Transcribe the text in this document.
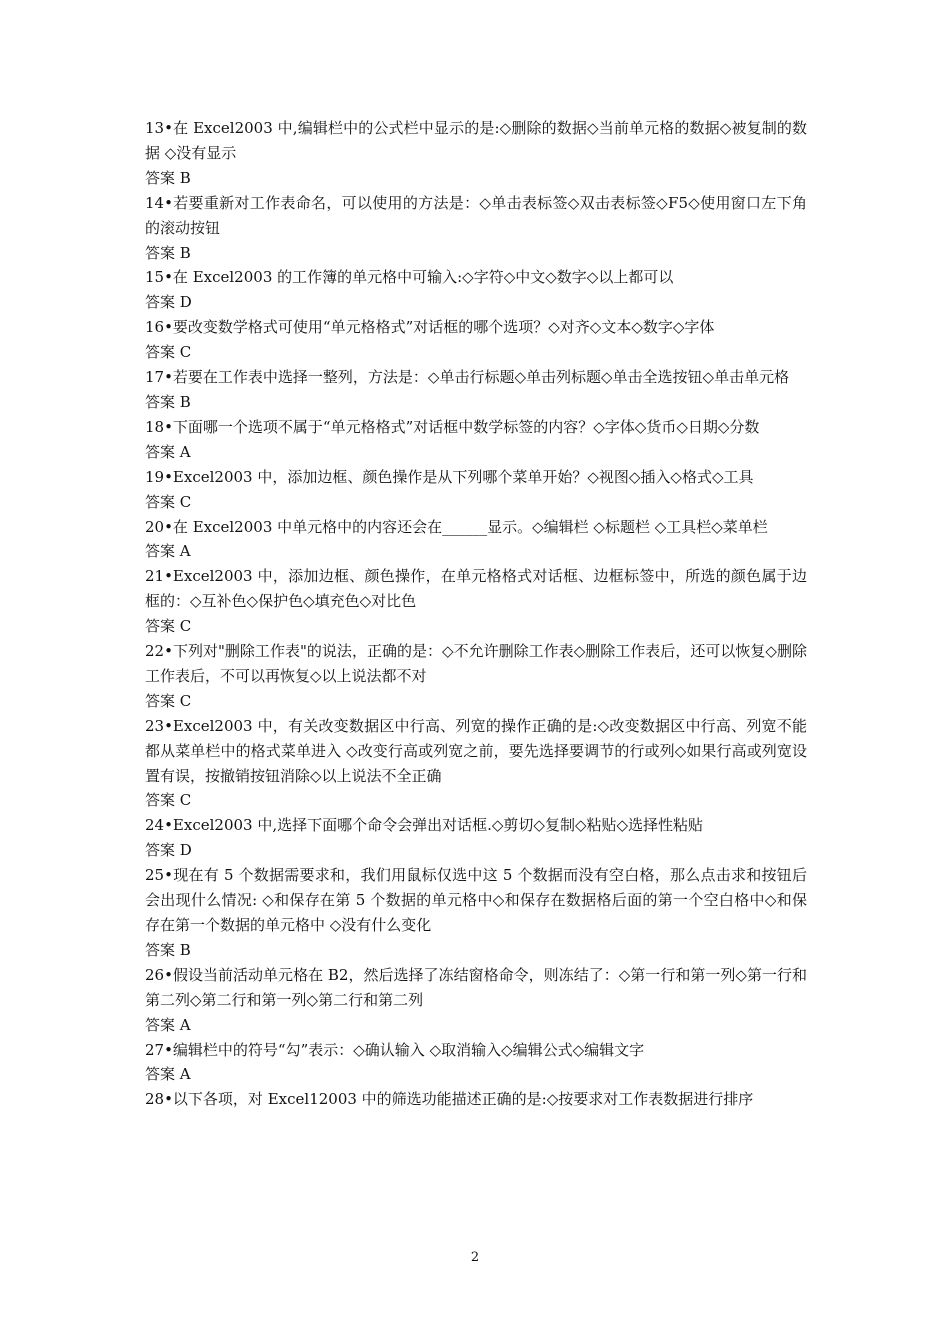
13•在 Excel2003 中,编辑栏中的公式栏中显示的是:◇删除的数据◇当前单元格的数据◇被复制的数据 ◇没有显示

答案 B

14•若要重新对工作表命名，可以使用的方法是：◇单击表标签◇双击表标签◇F5◇使用窗口左下角的滚动按钮

答案 B

15•在 Excel2003 的工作簿的单元格中可输入:◇字符◇中文◇数字◇以上都可以

答案 D

16•要改变数学格式可使用“单元格格式”对话框的哪个选项？◇对齐◇文本◇数字◇字体

答案 C

17•若要在工作表中选择一整列，方法是：◇单击行标题◇单击列标题◇单击全选按钮◇单击单元格

答案 B

18•下面哪一个选项不属于“单元格格式”对话框中数学标签的内容？◇字体◇货币◇日期◇分数

答案 A

19•Excel2003 中，添加边框、颜色操作是从下列哪个菜单开始？◇视图◇插入◇格式◇工具

答案 C

20•在 Excel2003 中单元格中的内容还会在______显示。◇编辑栏 ◇标题栏 ◇工具栏◇菜单栏

答案 A

21•Excel2003 中，添加边框、颜色操作，在单元格格式对话框、边框标签中，所选的颜色属于边框的：◇互补色◇保护色◇填充色◇对比色

答案 C

22•下列对"删除工作表"的说法，正确的是：◇不允许删除工作表◇删除工作表后，还可以恢复◇删除工作表后，不可以再恢复◇以上说法都不对

答案 C

23•Excel2003 中，有关改变数据区中行高、列宽的操作正确的是:◇改变数据区中行高、列宽不能都从菜单栏中的格式菜单进入 ◇改变行高或列宽之前，要先选择要调节的行或列◇如果行高或列宽设置有误，按撤销按钮消除◇以上说法不全正确

答案 C

24•Excel2003 中,选择下面哪个命令会弹出对话框.◇剪切◇复制◇粘贴◇选择性粘贴

答案 D

25•现在有 5 个数据需要求和，我们用鼠标仅选中这 5 个数据而没有空白格，那么点击求和按钮后会出现什么情况: ◇和保存在第 5 个数据的单元格中◇和保存在数据格后面的第一个空白格中◇和保存在第一个数据的单元格中 ◇没有什么变化

答案 B

26•假设当前活动单元格在 B2，然后选择了冻结窗格命令，则冻结了：◇第一行和第一列◇第一行和第二列◇第二行和第一列◇第二行和第二列

答案 A

27•编辑栏中的符号“勾”表示：◇确认输入 ◇取消输入◇编辑公式◇编辑文字

答案 A

28•以下各项，对 Excel12003 中的筛选功能描述正确的是:◇按要求对工作表数据进行排序

2
